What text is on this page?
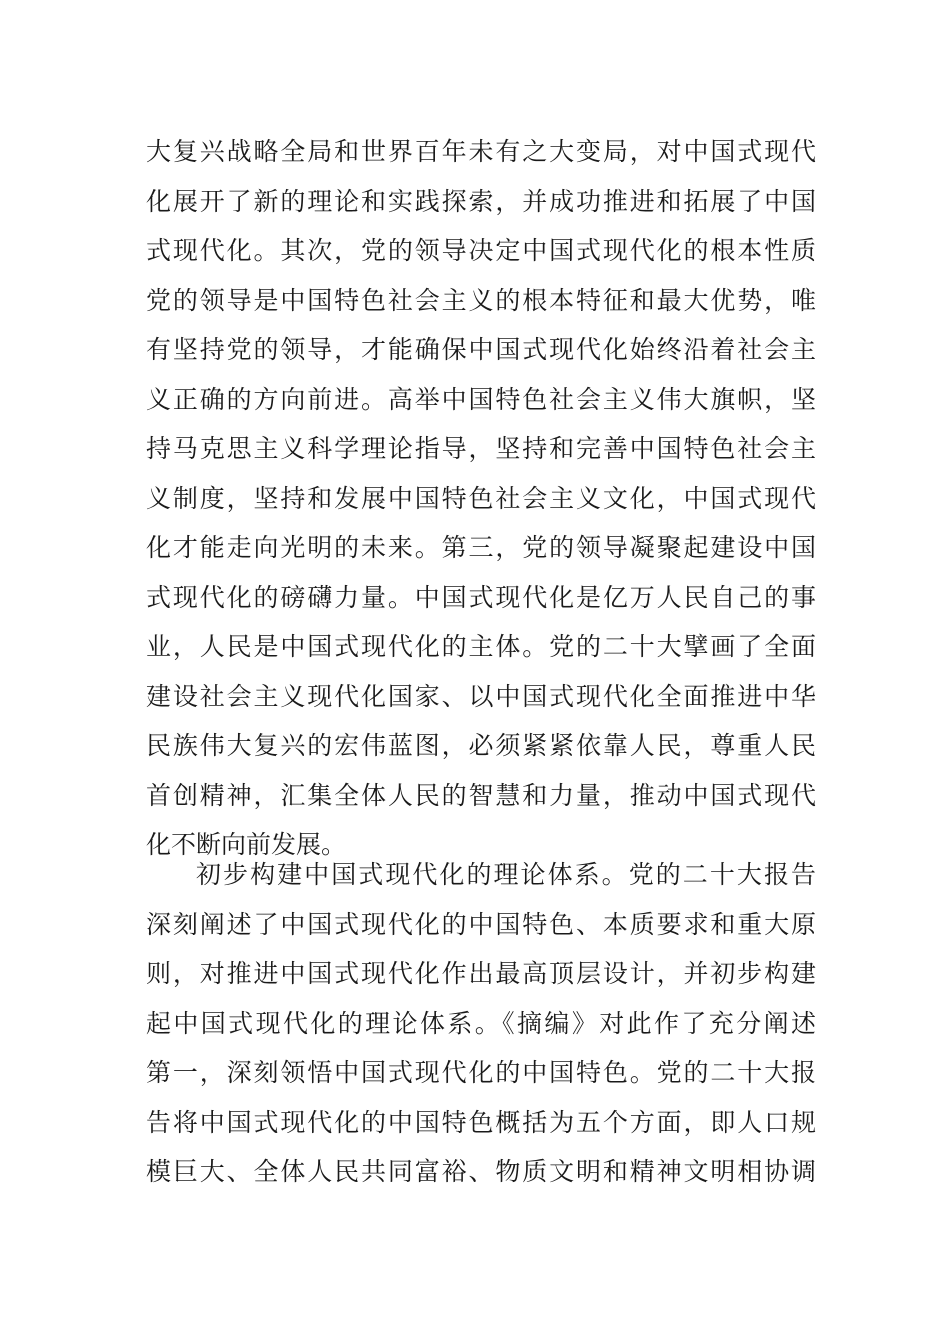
大复兴战略全局和世界百年未有之大变局，对中国式现代
化展开了新的理论和实践探索，并成功推进和拓展了中国
式现代化。其次，党的领导决定中国式现代化的根本性质
党的领导是中国特色社会主义的根本特征和最大优势，唯
有坚持党的领导，才能确保中国式现代化始终沿着社会主
义正确的方向前进。高举中国特色社会主义伟大旗帜，坚
持马克思主义科学理论指导，坚持和完善中国特色社会主
义制度，坚持和发展中国特色社会主义文化，中国式现代
化才能走向光明的未来。第三，党的领导凝聚起建设中国
式现代化的磅礴力量。中国式现代化是亿万人民自己的事
业，人民是中国式现代化的主体。党的二十大擘画了全面
建设社会主义现代化国家、以中国式现代化全面推进中华
民族伟大复兴的宏伟蓝图，必须紧紧依靠人民，尊重人民
首创精神，汇集全体人民的智慧和力量，推动中国式现代
化不断向前发展。
初步构建中国式现代化的理论体系。党的二十大报告
深刻阐述了中国式现代化的中国特色、本质要求和重大原
则，对推进中国式现代化作出最高顶层设计，并初步构建
起中国式现代化的理论体系。《摘编》对此作了充分阐述
第一，深刻领悟中国式现代化的中国特色。党的二十大报
告将中国式现代化的中国特色概括为五个方面，即人口规
模巨大、全体人民共同富裕、物质文明和精神文明相协调
